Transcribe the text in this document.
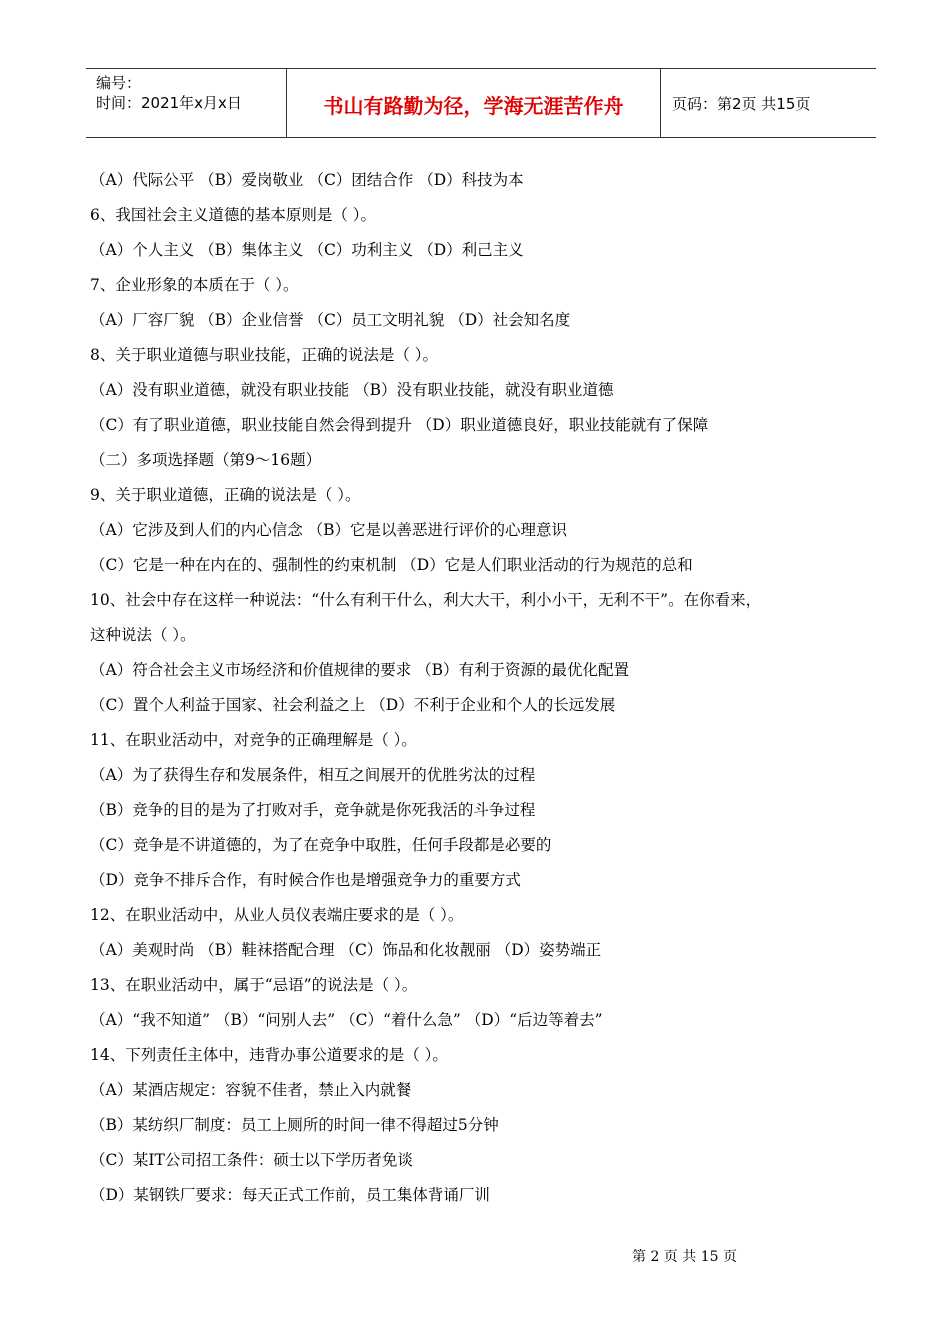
编号：
时间：2021年x月x日	书山有路勤为径，学海无涯苦作舟	页码：第2页 共15页
（A）代际公平 （B）爱岗敬业 （C）团结合作 （D）科技为本
6、我国社会主义道德的基本原则是（ ）。
（A）个人主义 （B）集体主义 （C）功利主义 （D）利己主义
7、企业形象的本质在于（ ）。
（A）厂容厂貌 （B）企业信誉 （C）员工文明礼貌 （D）社会知名度
8、关于职业道德与职业技能，正确的说法是（ ）。
（A）没有职业道德，就没有职业技能 （B）没有职业技能，就没有职业道德
（C）有了职业道德，职业技能自然会得到提升 （D）职业道德良好，职业技能就有了保障
（二）多项选择题（第9～16题）
9、关于职业道德，正确的说法是（ ）。
（A）它涉及到人们的内心信念 （B）它是以善恶进行评价的心理意识
（C）它是一种在内在的、强制性的约束机制 （D）它是人们职业活动的行为规范的总和
10、社会中存在这样一种说法：“什么有利干什么，利大大干，利小小干，无利不干”。在你看来，
这种说法（ ）。
（A）符合社会主义市场经济和价值规律的要求 （B）有利于资源的最优化配置
（C）置个人利益于国家、社会利益之上 （D）不利于企业和个人的长远发展
11、在职业活动中，对竞争的正确理解是（ ）。
（A）为了获得生存和发展条件，相互之间展开的优胜劣汰的过程
（B）竞争的目的是为了打败对手，竞争就是你死我活的斗争过程
（C）竞争是不讲道德的，为了在竞争中取胜，任何手段都是必要的
（D）竞争不排斥合作，有时候合作也是增强竞争力的重要方式
12、在职业活动中，从业人员仪表端庄要求的是（ ）。
（A）美观时尚 （B）鞋袜搭配合理 （C）饰品和化妆靓丽 （D）姿势端正
13、在职业活动中，属于“忌语”的说法是（ ）。
（A）“我不知道” （B）“问别人去” （C）“着什么急” （D）“后边等着去”
14、下列责任主体中，违背办事公道要求的是（ ）。
（A）某酒店规定：容貌不佳者，禁止入内就餐
（B）某纺织厂制度：员工上厕所的时间一律不得超过5分钟
（C）某IT公司招工条件：硕士以下学历者免谈
（D）某钢铁厂要求：每天正式工作前，员工集体背诵厂训
第 2 页 共 15 页
